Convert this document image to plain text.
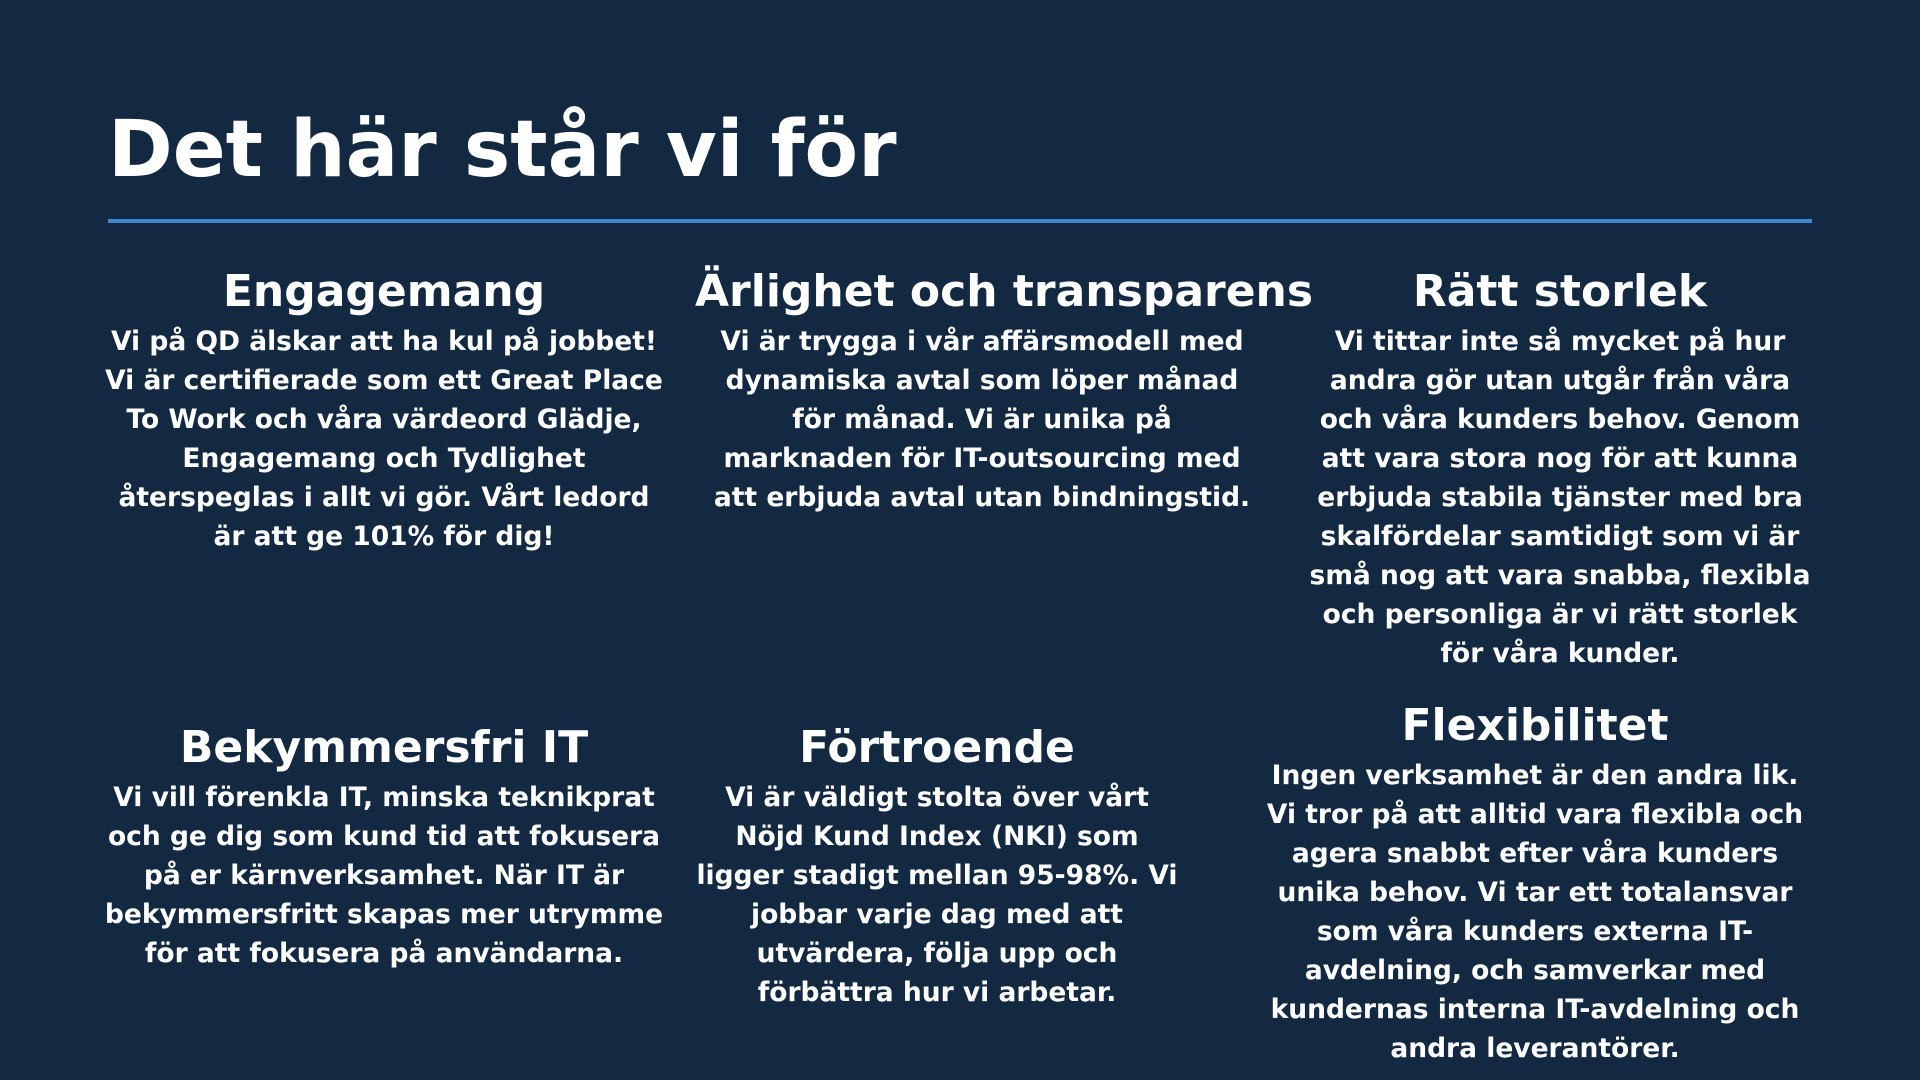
Det här står vi för
Engagemang

Vi på QD älskar att ha kul på jobbet! Vi är certifierade som ett Great Place To Work och våra värdeord Glädje, Engagemang och Tydlighet återspeglas i allt vi gör. Vårt ledord är att ge 101% för dig!

Ärlighet och transparens

Vi är trygga i vår affärsmodell med dynamiska avtal som löper månad för månad. Vi är unika på marknaden för IT-outsourcing med att erbjuda avtal utan bindningstid.

Rätt storlek

Vi tittar inte så mycket på hur andra gör utan utgår från våra och våra kunders behov. Genom att vara stora nog för att kunna erbjuda stabila tjänster med bra skalfördelar samtidigt som vi är små nog att vara snabba, flexibla och personliga är vi rätt storlek för våra kunder.

Bekymmersfri IT

Vi vill förenkla IT, minska teknikprat och ge dig som kund tid att fokusera på er kärnverksamhet. När IT är bekymmersfritt skapas mer utrymme för att fokusera på användarna.

Förtroende

Vi är väldigt stolta över vårt Nöjd Kund Index (NKI) som ligger stadigt mellan 95-98%. Vi jobbar varje dag med att utvärdera, följa upp och förbättra hur vi arbetar.

Flexibilitet

Ingen verksamhet är den andra lik. Vi tror på att alltid vara flexibla och agera snabbt efter våra kunders unika behov. Vi tar ett totalansvar som våra kunders externa IT-avdelning, och samverkar med kundernas interna IT-avdelning och andra leverantörer.
